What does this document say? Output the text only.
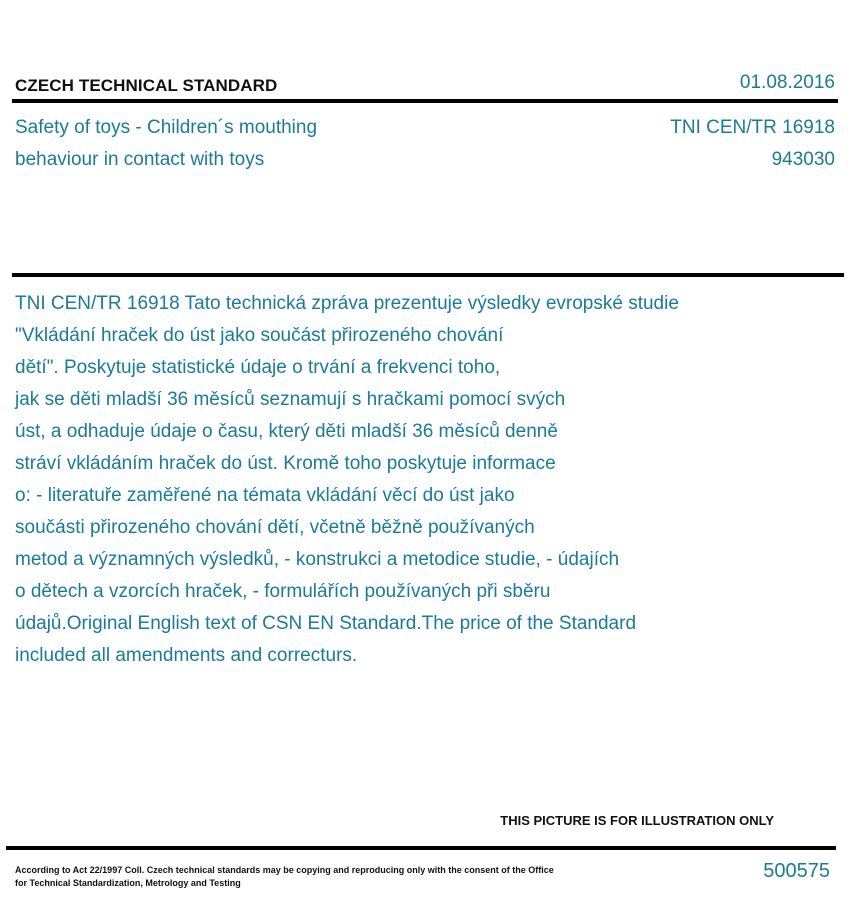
CZECH TECHNICAL STANDARD	01.08.2016
Safety of toys - Children´s mouthing
behaviour in contact with toys
TNI CEN/TR 16918
943030
TNI CEN/TR 16918 Tato technická zpráva prezentuje výsledky evropské studie
"Vkládání hraček do úst jako součást přirozeného chování
dětí". Poskytuje statistické údaje o trvání a frekvenci toho,
jak se děti mladší 36 měsíců seznamují s hračkami pomocí svých
úst, a odhaduje údaje o času, který děti mladší 36 měsíců denně
stráví vkládáním hraček do úst. Kromě toho poskytuje informace
o: - literatuře zaměřené na témata vkládání věcí do úst jako
součásti přirozeného chování dětí, včetně běžně používaných
metod a významných výsledků, - konstrukci a metodice studie, - údajích
o dětech a vzorcích hraček, - formulářích používaných při sběru
údajů.Original English text of CSN EN Standard.The price of the Standard
included all amendments and correcturs.
THIS PICTURE IS FOR ILLUSTRATION ONLY
According to Act 22/1997 Coll. Czech technical standards may be copying and reproducing only with the consent of the Office
for Technical Standardization, Metrology and Testing
500575
